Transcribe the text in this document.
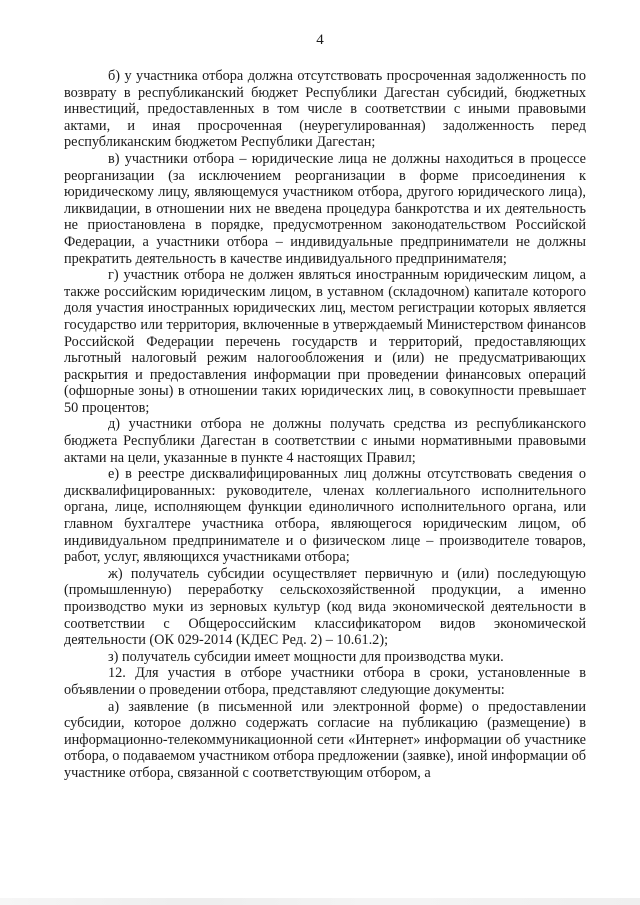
4

б) у участника отбора должна отсутствовать просроченная задолженность по возврату в республиканский бюджет Республики Дагестан субсидий, бюджетных инвестиций, предоставленных в том числе в соответствии с иными правовыми актами, и иная просроченная (неурегулированная) задолженность перед республиканским бюджетом Республики Дагестан;

в) участники отбора – юридические лица не должны находиться в процессе реорганизации (за исключением реорганизации в форме присоединения к юридическому лицу, являющемуся участником отбора, другого юридического лица), ликвидации, в отношении них не введена процедура банкротства и их деятельность не приостановлена в порядке, предусмотренном законодательством Российской Федерации, а участники отбора – индивидуальные предприниматели не должны прекратить деятельность в качестве индивидуального предпринимателя;

г) участник отбора не должен являться иностранным юридическим лицом, а также российским юридическим лицом, в уставном (складочном) капитале которого доля участия иностранных юридических лиц, местом регистрации которых является государство или территория, включенные в утверждаемый Министерством финансов Российской Федерации перечень государств и территорий, предоставляющих льготный налоговый режим налогообложения и (или) не предусматривающих раскрытия и предоставления информации при проведении финансовых операций (офшорные зоны) в отношении таких юридических лиц, в совокупности превышает 50 процентов;

д) участники отбора не должны получать средства из республиканского бюджета Республики Дагестан в соответствии с иными нормативными правовыми актами на цели, указанные в пункте 4 настоящих Правил;

е) в реестре дисквалифицированных лиц должны отсутствовать сведения о дисквалифицированных: руководителе, членах коллегиального исполнительного органа, лице, исполняющем функции единоличного исполнительного органа, или главном бухгалтере участника отбора, являющегося юридическим лицом, об индивидуальном предпринимателе и о физическом лице – производителе товаров, работ, услуг, являющихся участниками отбора;

ж) получатель субсидии осуществляет первичную и (или) последующую (промышленную) переработку сельскохозяйственной продукции, а именно производство муки из зерновых культур (код вида экономической деятельности в соответствии с Общероссийским классификатором видов экономической деятельности (ОК 029-2014 (КДЕС Ред. 2) – 10.61.2);

з) получатель субсидии имеет мощности для производства муки.

12. Для участия в отборе участники отбора в сроки, установленные в объявлении о проведении отбора, представляют следующие документы:

а) заявление (в письменной или электронной форме) о предоставлении субсидии, которое должно содержать согласие на публикацию (размещение) в информационно-телекоммуникационной сети «Интернет» информации об участнике отбора, о подаваемом участником отбора предложении (заявке), иной информации об участнике отбора, связанной с соответствующим отбором, а
